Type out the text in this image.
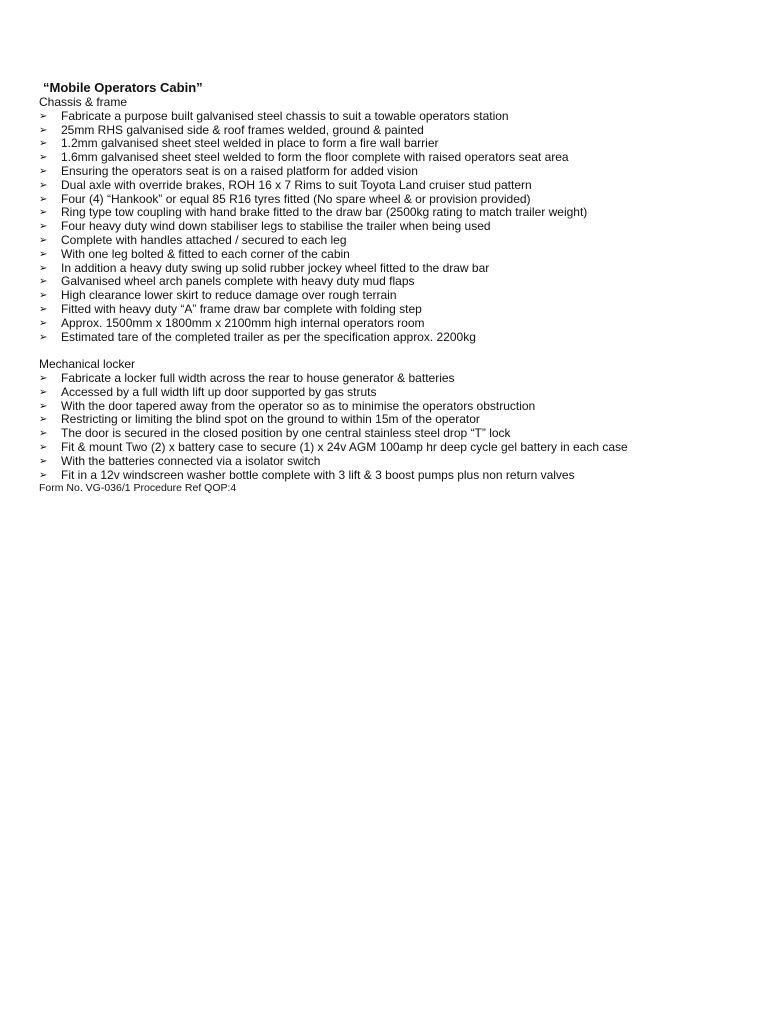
“Mobile Operators Cabin”
Chassis & frame
➢	Fabricate a purpose built galvanised steel chassis to suit a towable operators station
➢	25mm RHS galvanised side & roof frames welded, ground & painted
➢	1.2mm galvanised sheet steel welded in place to form a fire wall barrier
➢	1.6mm galvanised sheet steel welded to form the floor complete with raised operators seat area
➢	Ensuring the operators seat is on a raised platform for added vision
➢	Dual axle with override brakes, ROH 16 x 7 Rims to suit Toyota Land cruiser stud pattern
➢	Four (4) “Hankook” or equal 85 R16 tyres fitted (No spare wheel & or provision provided)
➢	Ring type tow coupling with hand brake fitted to the draw bar (2500kg rating to match trailer weight)
➢	Four heavy duty wind down stabiliser legs to stabilise the trailer when being used
➢	Complete with handles attached / secured to each leg
➢	With one leg bolted & fitted to each corner of the cabin
➢	In addition a heavy duty swing up solid rubber jockey wheel fitted to the draw bar
➢	Galvanised wheel arch panels complete with heavy duty mud flaps
➢	High clearance lower skirt to reduce damage over rough terrain
➢	Fitted with heavy duty “A” frame draw bar complete with folding step
➢	Approx. 1500mm x 1800mm x 2100mm high internal operators room
➢	Estimated tare of the completed trailer as per the specification approx. 2200kg
Mechanical locker
➢	Fabricate a locker full width across the rear to house generator & batteries
➢	Accessed by a full width lift up door supported by gas struts
➢	With the door tapered away from the operator so as to minimise the operators obstruction
➢	Restricting or limiting the blind spot on the ground to within 15m of the operator
➢	The door is secured in the closed position by one central stainless steel drop “T” lock
➢	Fit & mount Two (2) x battery case to secure (1) x 24v AGM 100amp hr deep cycle gel battery in each case
➢	With the batteries connected via a isolator switch
➢	Fit in a 12v windscreen washer bottle complete with 3 lift & 3 boost pumps plus non return valves
Form No. VG-036/1 Procedure Ref QOP:4
